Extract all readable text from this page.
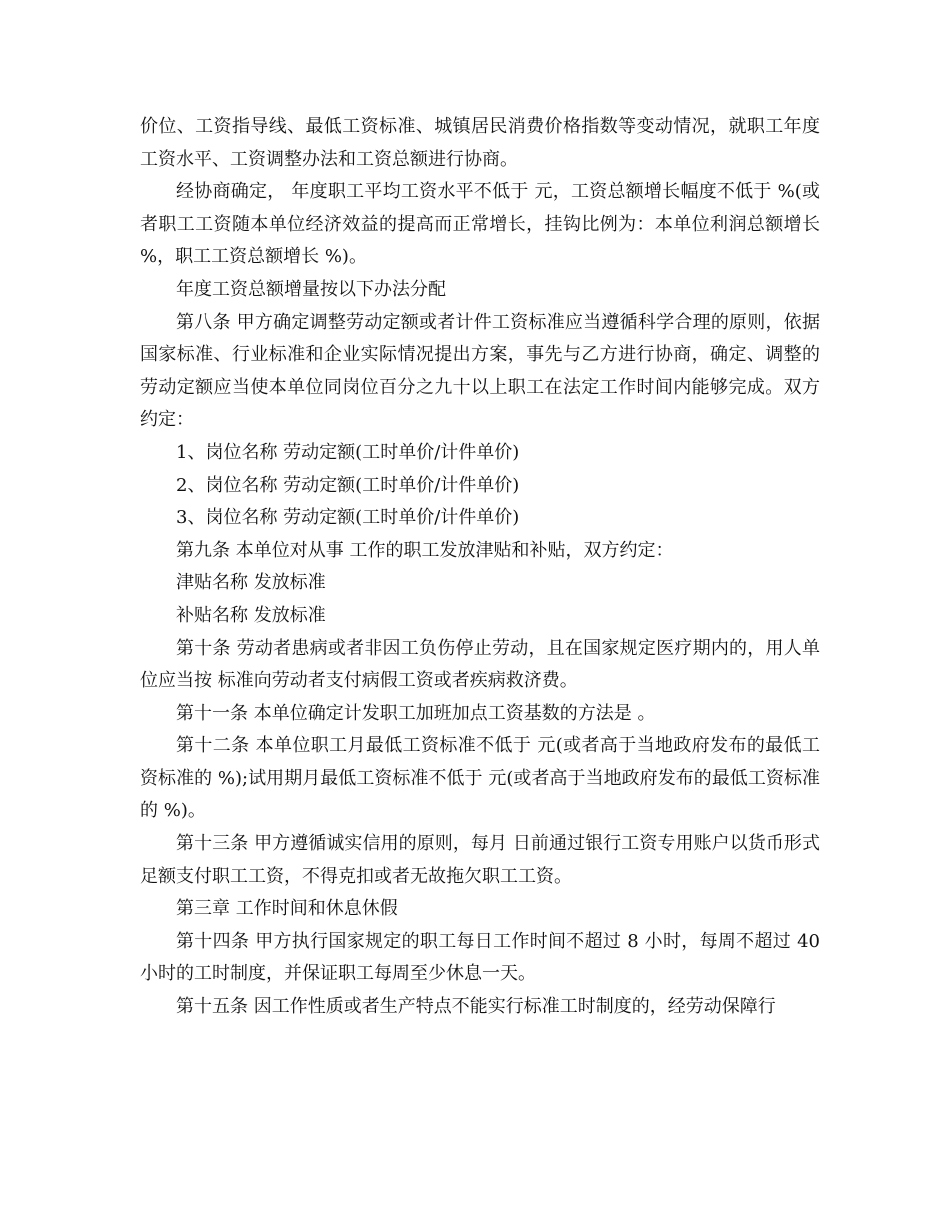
价位、工资指导线、最低工资标准、城镇居民消费价格指数等变动情况，就职工年度工资水平、工资调整办法和工资总额进行协商。

经协商确定， 年度职工平均工资水平不低于 元，工资总额增长幅度不低于 %(或者职工工资随本单位经济效益的提高而正常增长，挂钩比例为：本单位利润总额增长 %，职工工资总额增长 %)。

年度工资总额增量按以下办法分配

第八条 甲方确定调整劳动定额或者计件工资标准应当遵循科学合理的原则，依据国家标准、行业标准和企业实际情况提出方案，事先与乙方进行协商，确定、调整的劳动定额应当使本单位同岗位百分之九十以上职工在法定工作时间内能够完成。双方约定：

1、岗位名称 劳动定额(工时单价/计件单价)

2、岗位名称 劳动定额(工时单价/计件单价)

3、岗位名称 劳动定额(工时单价/计件单价)

第九条 本单位对从事 工作的职工发放津贴和补贴，双方约定：

津贴名称 发放标准

补贴名称 发放标准

第十条 劳动者患病或者非因工负伤停止劳动，且在国家规定医疗期内的，用人单位应当按 标准向劳动者支付病假工资或者疾病救济费。

第十一条 本单位确定计发职工加班加点工资基数的方法是 。

第十二条 本单位职工月最低工资标准不低于 元(或者高于当地政府发布的最低工资标准的 %);试用期月最低工资标准不低于 元(或者高于当地政府发布的最低工资标准的 %)。

第十三条 甲方遵循诚实信用的原则，每月 日前通过银行工资专用账户以货币形式足额支付职工工资，不得克扣或者无故拖欠职工工资。

第三章 工作时间和休息休假

第十四条 甲方执行国家规定的职工每日工作时间不超过 8 小时，每周不超过 40 小时的工时制度，并保证职工每周至少休息一天。

第十五条 因工作性质或者生产特点不能实行标准工时制度的，经劳动保障行
